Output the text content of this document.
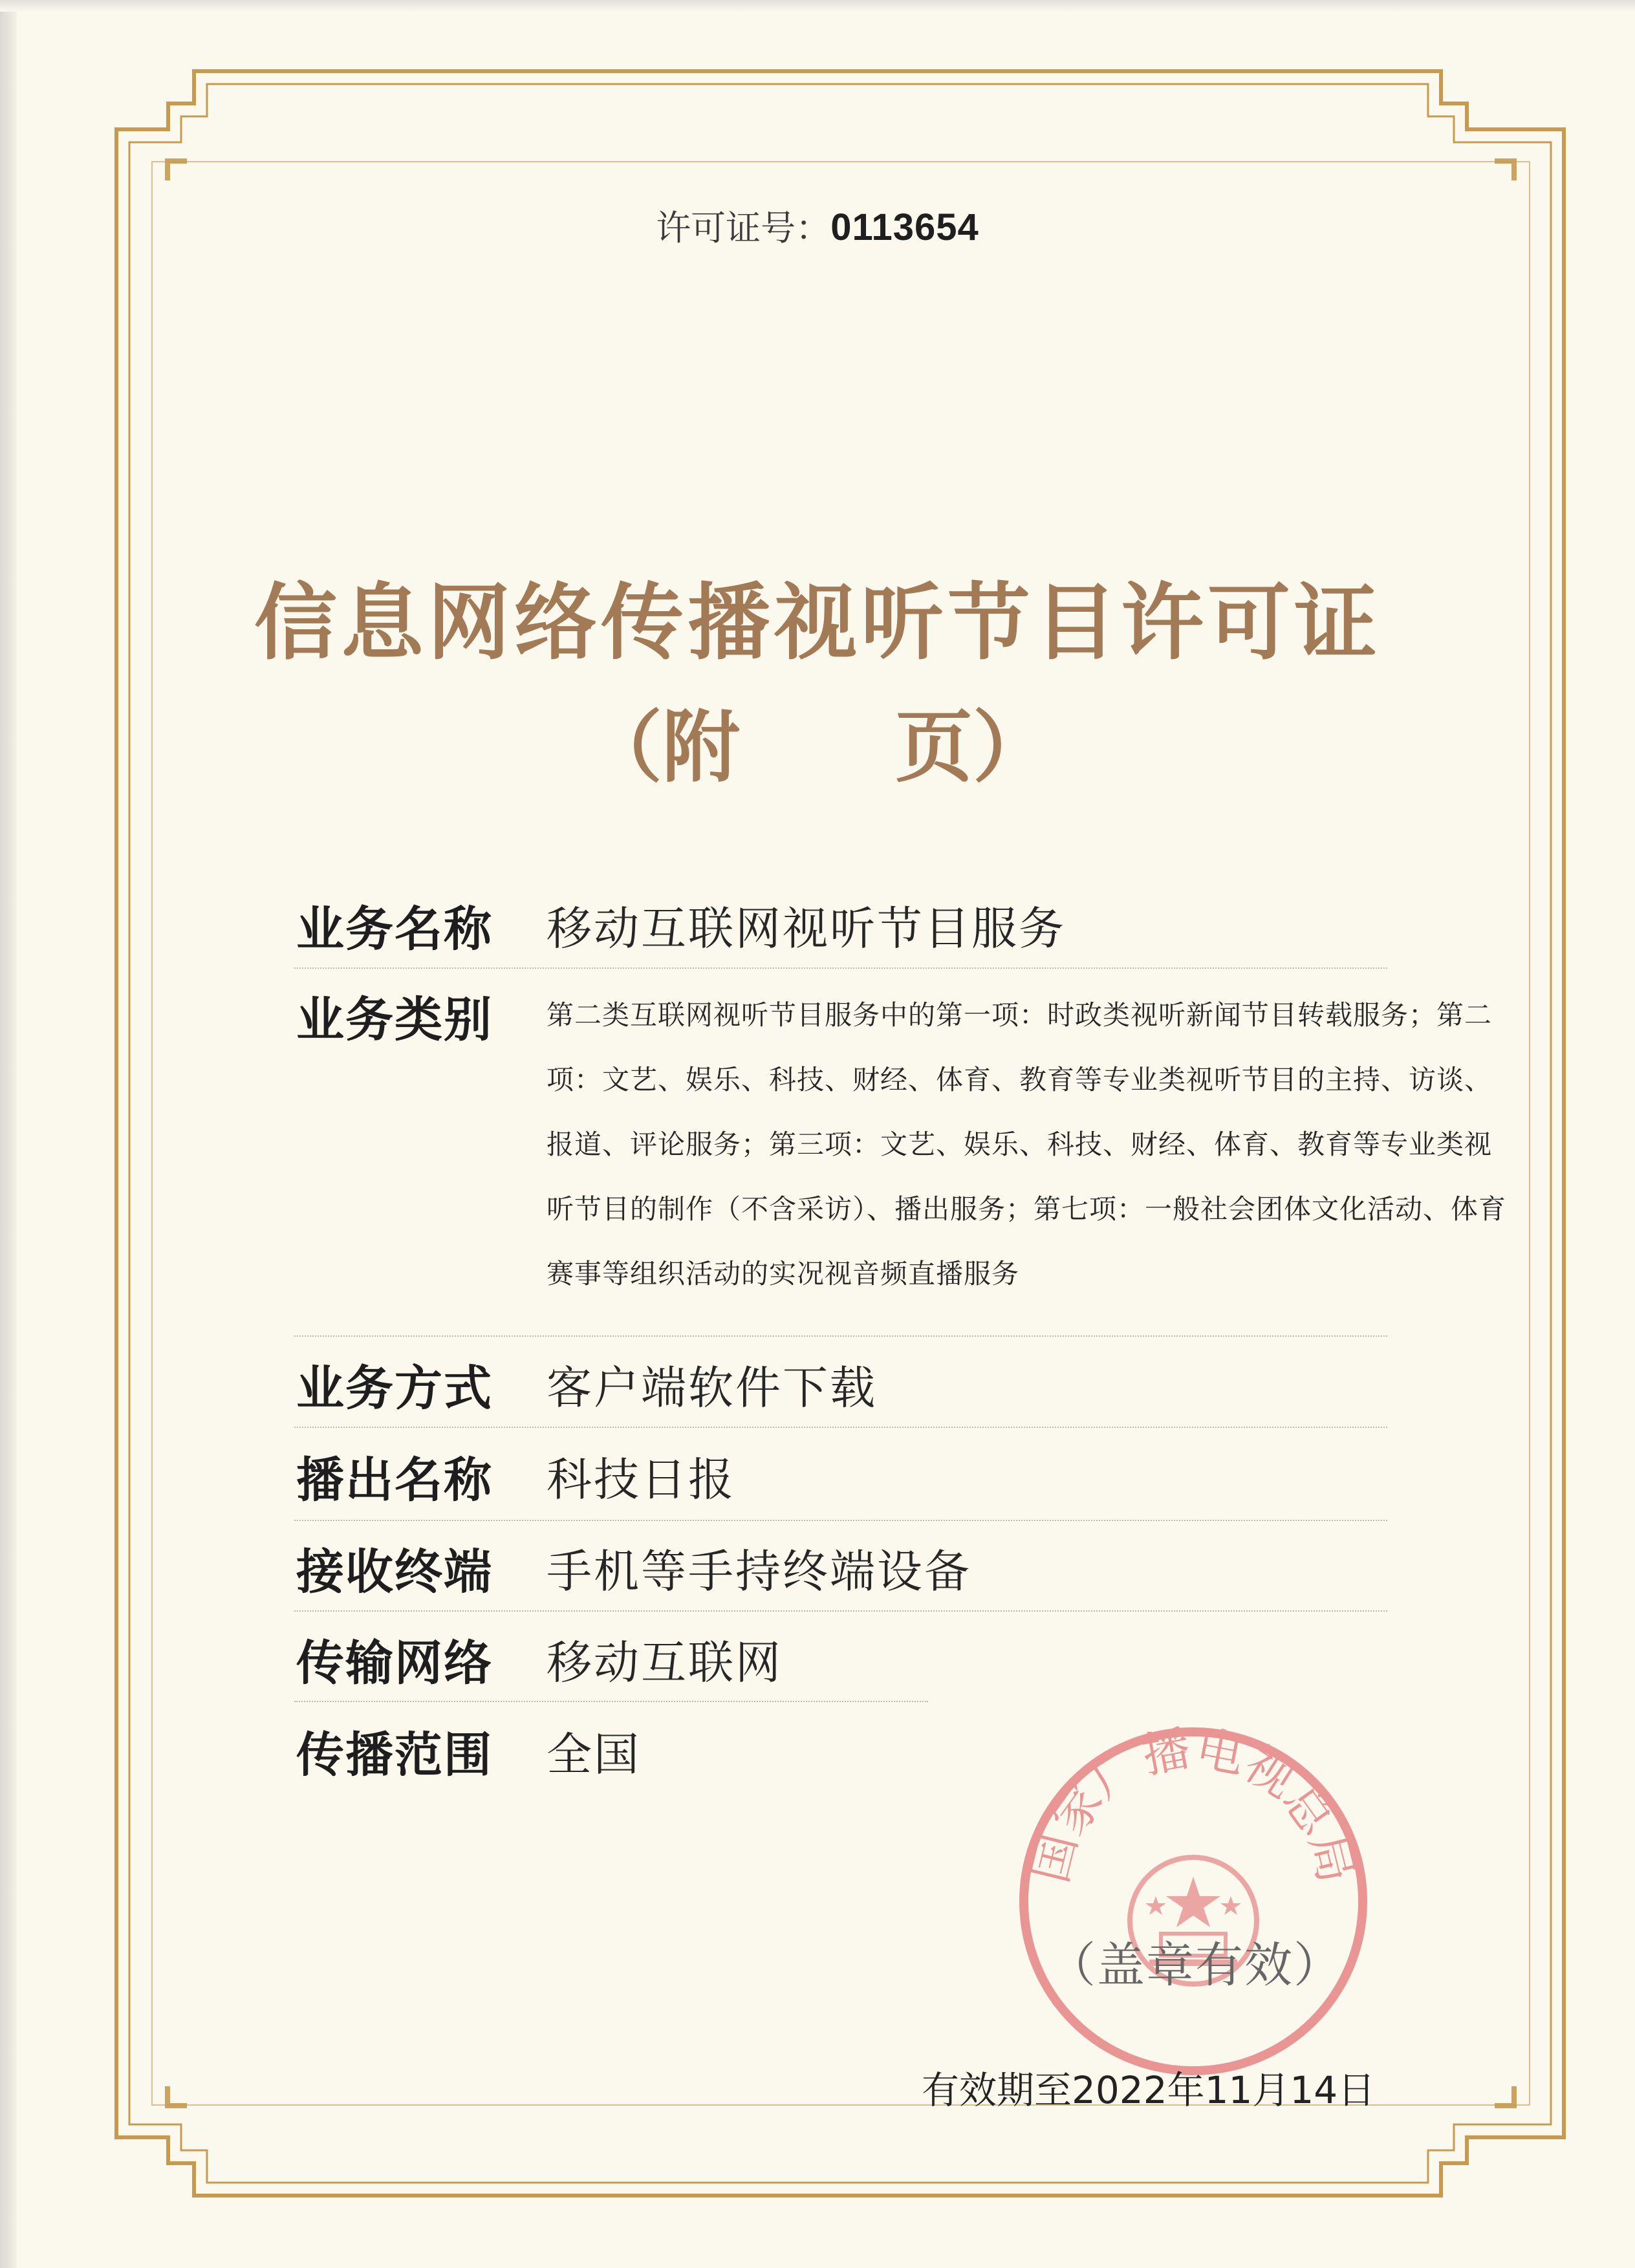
许可证号：0113654
信息网络传播视听节目许可证
（附　　页）
业务名称 移动互联网视听节目服务
业务类别 第二类互联网视听节目服务中的第一项：时政类视听新闻节目转载服务；第二项：文艺、娱乐、科技、财经、体育、教育等专业类视听节目的主持、访谈、报道、评论服务；第三项：文艺、娱乐、科技、财经、体育、教育等专业类视听节目的制作（不含采访）、播出服务；第七项：一般社会团体文化活动、体育赛事等组织活动的实况视音频直播服务
业务方式 客户端软件下载
播出名称 科技日报
接收终端 手机等手持终端设备
传输网络 移动互联网
传播范围 全国
国家广播电视总局
（盖章有效）
有效期至2022年11月14日
